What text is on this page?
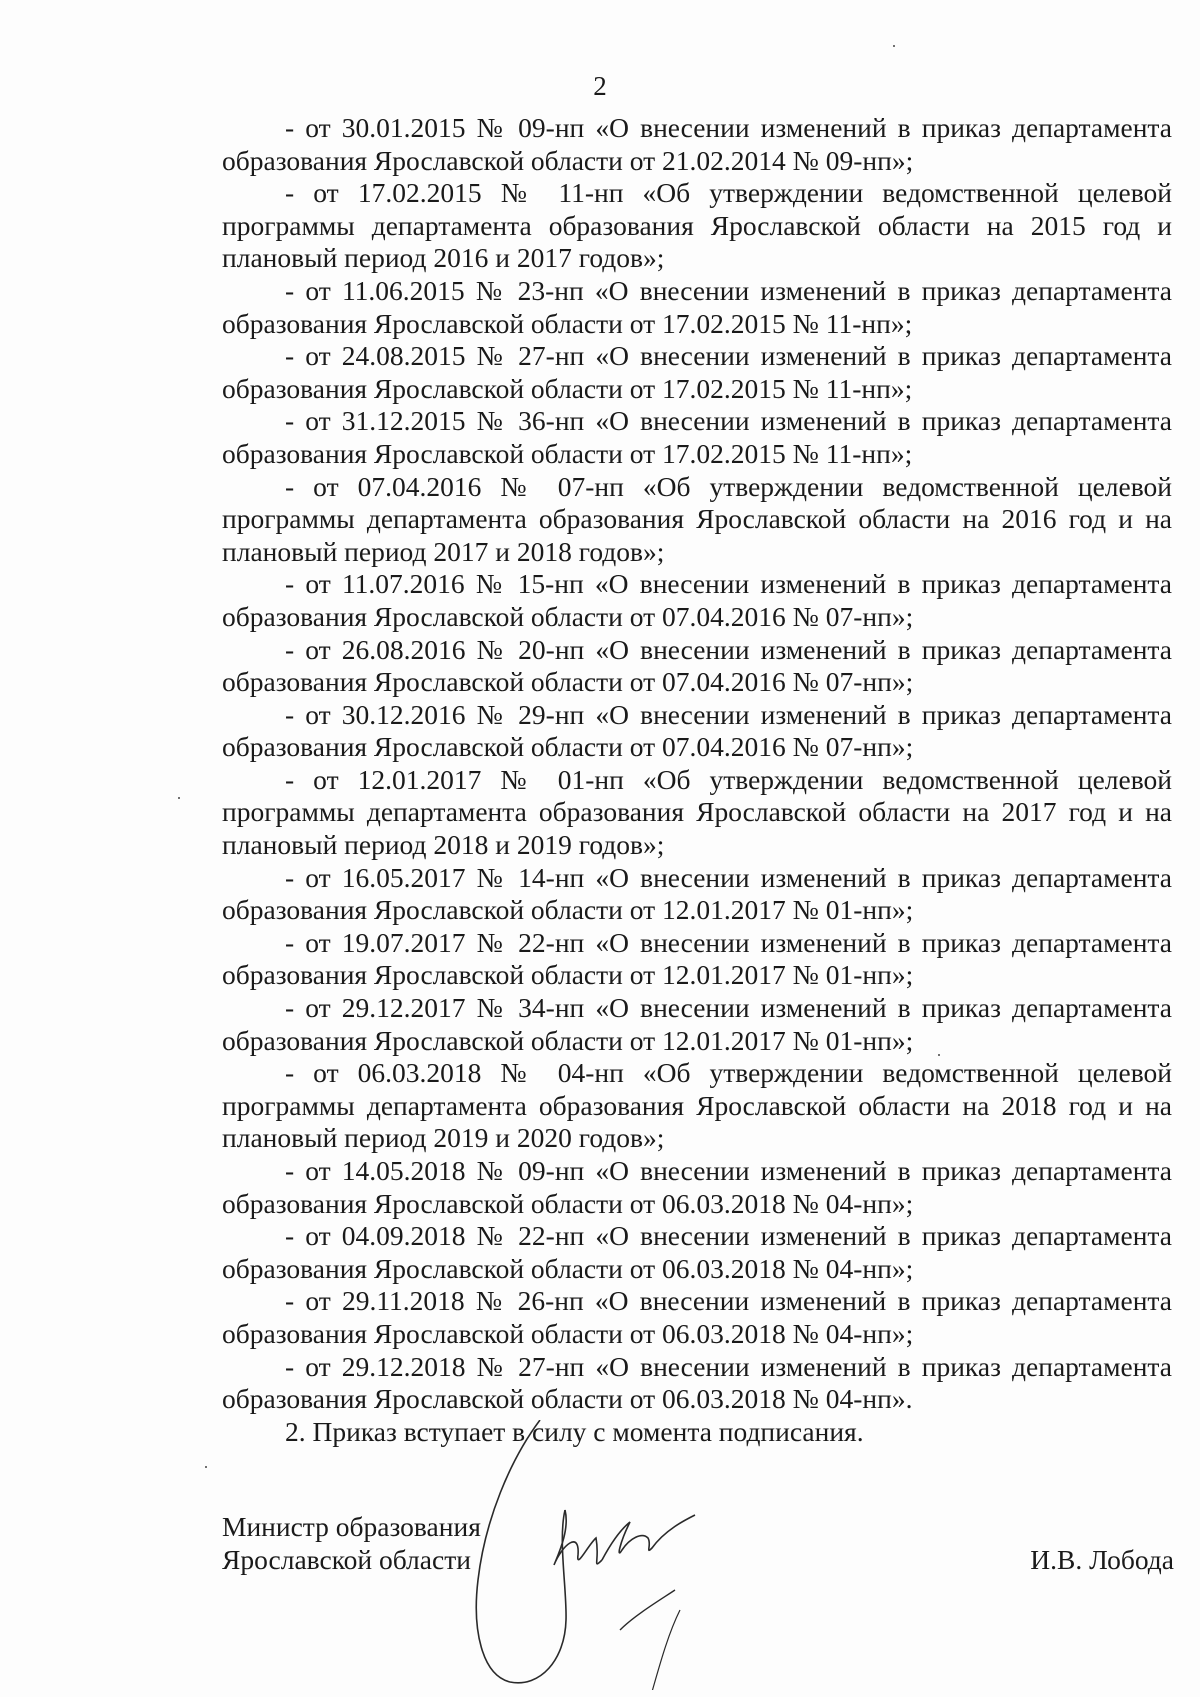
2

- от 30.01.2015 № 09-нп «О внесении изменений в приказ департамента образования Ярославской области от 21.02.2014 № 09-нп»;

- от 17.02.2015 № 11-нп «Об утверждении ведомственной целевой программы департамента образования Ярославской области на 2015 год и плановый период 2016 и 2017 годов»;

- от 11.06.2015 № 23-нп «О внесении изменений в приказ департамента образования Ярославской области от 17.02.2015 № 11-нп»;

- от 24.08.2015 № 27-нп «О внесении изменений в приказ департамента образования Ярославской области от 17.02.2015 № 11-нп»;

- от 31.12.2015 № 36-нп «О внесении изменений в приказ департамента образования Ярославской области от 17.02.2015 № 11-нп»;

- от 07.04.2016 № 07-нп «Об утверждении ведомственной целевой программы департамента образования Ярославской области на 2016 год и на плановый период 2017 и 2018 годов»;

- от 11.07.2016 № 15-нп «О внесении изменений в приказ департамента образования Ярославской области от 07.04.2016 № 07-нп»;

- от 26.08.2016 № 20-нп «О внесении изменений в приказ департамента образования Ярославской области от 07.04.2016 № 07-нп»;

- от 30.12.2016 № 29-нп «О внесении изменений в приказ департамента образования Ярославской области от 07.04.2016 № 07-нп»;

- от 12.01.2017 № 01-нп «Об утверждении ведомственной целевой программы департамента образования Ярославской области на 2017 год и на плановый период 2018 и 2019 годов»;

- от 16.05.2017 № 14-нп «О внесении изменений в приказ департамента образования Ярославской области от 12.01.2017 № 01-нп»;

- от 19.07.2017 № 22-нп «О внесении изменений в приказ департамента образования Ярославской области от 12.01.2017 № 01-нп»;

- от 29.12.2017 № 34-нп «О внесении изменений в приказ департамента образования Ярославской области от 12.01.2017 № 01-нп»;

- от 06.03.2018 № 04-нп «Об утверждении ведомственной целевой программы департамента образования Ярославской области на 2018 год и на плановый период 2019 и 2020 годов»;

- от 14.05.2018 № 09-нп «О внесении изменений в приказ департамента образования Ярославской области от 06.03.2018 № 04-нп»;

- от 04.09.2018 № 22-нп «О внесении изменений в приказ департамента образования Ярославской области от 06.03.2018 № 04-нп»;

- от 29.11.2018 № 26-нп «О внесении изменений в приказ департамента образования Ярославской области от 06.03.2018 № 04-нп»;

- от 29.12.2018 № 27-нп «О внесении изменений в приказ департамента образования Ярославской области от 06.03.2018 № 04-нп».

2. Приказ вступает в силу с момента подписания.

Министр образования
Ярославской области	И.В. Лобода
